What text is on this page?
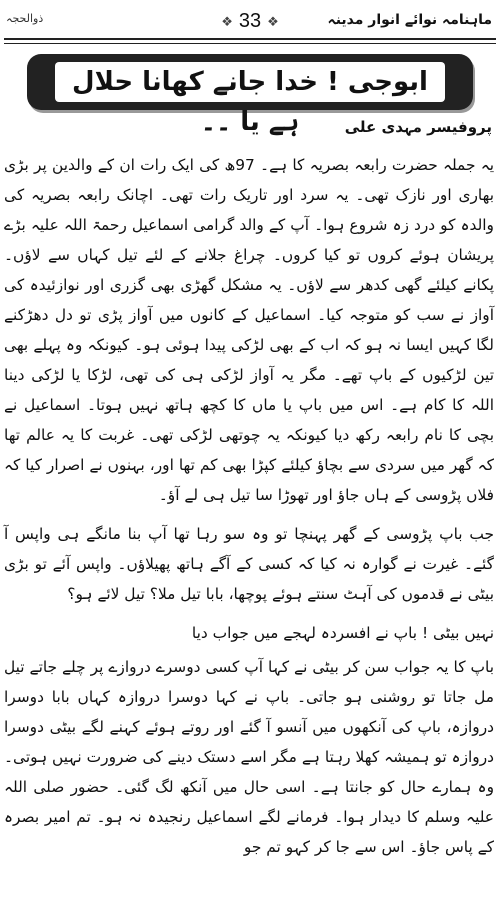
ذوالحجہ
❖	33 ❖	ماہنامہ نوائے انوار مدینہ
ابوجی ! خدا جانے کھانا حلال ہے یا ۔۔	پروفیسر مہدی علی

یہ جملہ حضرت رابعہ بصریہ کا ہے۔ 97ھ کی ایک رات ان کے والدین پر بڑی بھاری اور نازک تھی۔ یہ سرد اور تاریک رات تھی۔ اچانک رابعہ بصریہ کی والدہ کو درد زہ شروع ہوا۔ آپ کے والد گرامی اسماعیل رحمۃ اللہ علیہ بڑے پریشان ہوئے کروں تو کیا کروں۔ چراغ جلانے کے لئے تیل کہاں سے لاؤں۔ پکانے کیلئے گھی کدھر سے لاؤں۔ یہ مشکل گھڑی بھی گزری اور نوازئیدہ کی آواز نے سب کو متوجہ کیا۔ اسماعیل کے کانوں میں آواز پڑی تو دل دھڑکنے لگا کہیں ایسا نہ ہو کہ اب کے بھی لڑکی پیدا ہوئی ہو۔ کیونکہ وہ پہلے بھی تین لڑکیوں کے باپ تھے۔ مگر یہ آواز لڑکی ہی کی تھی، لڑکا یا لڑکی دینا اللہ کا کام ہے۔ اس میں باپ یا ماں کا کچھ ہاتھ نہیں ہوتا۔ اسماعیل نے بچی کا نام رابعہ رکھ دیا کیونکہ یہ چوتھی لڑکی تھی۔ غربت کا یہ عالم تھا کہ گھر میں سردی سے بچاؤ کیلئے کپڑا بھی کم تھا اور، بہنوں نے اصرار کیا کہ فلاں پڑوسی کے ہاں جاؤ اور تھوڑا سا تیل ہی لے آؤ۔

جب باپ پڑوسی کے گھر پہنچا تو وہ سو رہا تھا آپ بنا مانگے ہی واپس آ گئے۔ غیرت نے گوارہ نہ کیا کہ کسی کے آگے ہاتھ پھیلاؤں۔ واپس آئے تو بڑی بیٹی نے قدموں کی آہٹ سنتے ہوئے پوچھا، بابا تیل ملا؟ تیل لائے ہو؟

نہیں بیٹی ! باپ نے افسردہ لہجے میں جواب دیا

باپ کا یہ جواب سن کر بیٹی نے کہا آپ کسی دوسرے دروازے پر چلے جاتے تیل مل جاتا تو روشنی ہو جاتی۔ باپ نے کہا دوسرا دروازہ کہاں بابا دوسرا دروازہ، باپ کی آنکھوں میں آنسو آ گئے اور روتے ہوئے کہنے لگے بیٹی دوسرا دروازہ تو ہمیشہ کھلا رہتا ہے مگر اسے دستک دینے کی ضرورت نہیں ہوتی۔ وہ ہمارے حال کو جانتا ہے۔ اسی حال میں آنکھ لگ گئی۔ حضور صلی اللہ علیہ وسلم کا دیدار ہوا۔ فرمانے لگے اسماعیل رنجیدہ نہ ہو۔ تم امیر بصرہ کے پاس جاؤ۔ اس سے جا کر کہو تم جو
